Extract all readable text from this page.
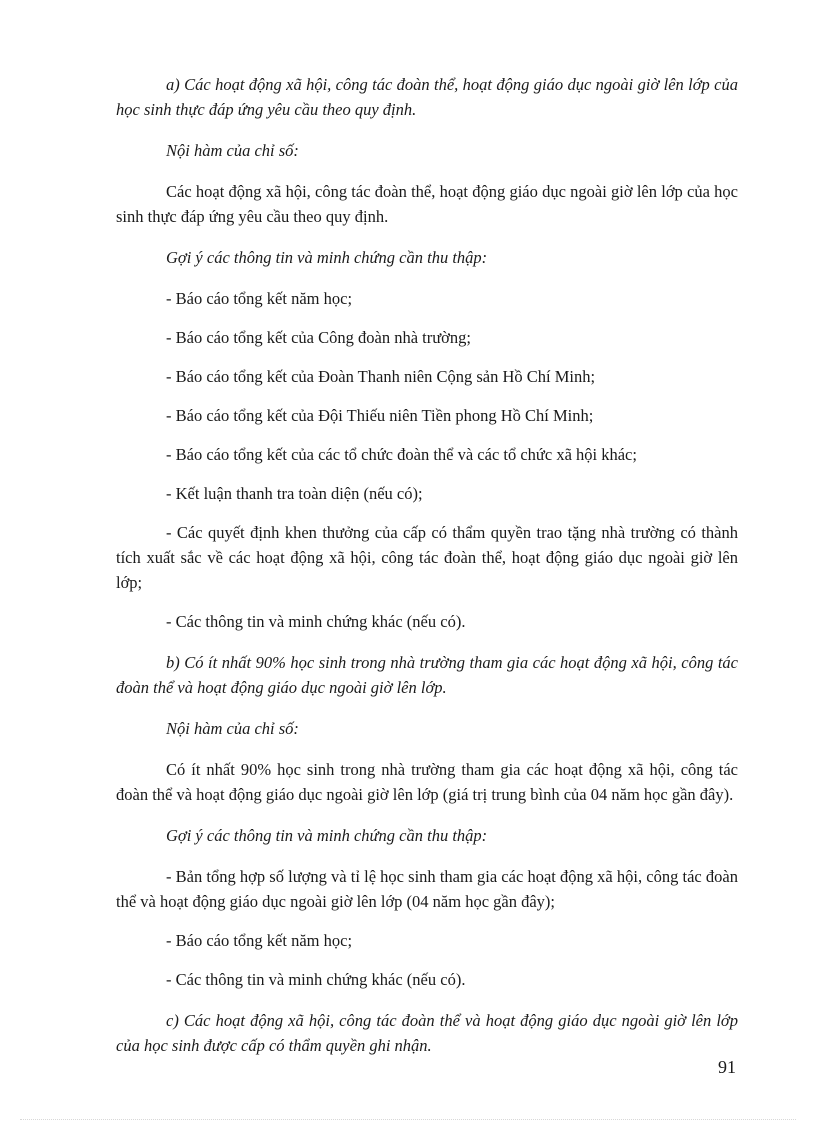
a) Các hoạt động xã hội, công tác đoàn thể, hoạt động giáo dục ngoài giờ lên lớp của học sinh thực đáp ứng yêu cầu theo quy định.

Nội hàm của chỉ số:

Các hoạt động xã hội, công tác đoàn thể, hoạt động giáo dục ngoài giờ lên lớp của học sinh thực đáp ứng yêu cầu theo quy định.

Gợi ý các thông tin và minh chứng cần thu thập:

- Báo cáo tổng kết năm học;

- Báo cáo tổng kết của Công đoàn nhà trường;

- Báo cáo tổng kết của Đoàn Thanh niên Cộng sản Hồ Chí Minh;

- Báo cáo tổng kết của Đội Thiếu niên Tiền phong Hồ Chí Minh;

- Báo cáo tổng kết của các tổ chức đoàn thể và các tổ chức xã hội khác;

- Kết luận thanh tra toàn diện (nếu có);

- Các quyết định khen thưởng của cấp có thẩm quyền trao tặng nhà trường có thành tích xuất sắc về các hoạt động xã hội, công tác đoàn thể, hoạt động giáo dục ngoài giờ lên lớp;

- Các thông tin và minh chứng khác (nếu có).

b) Có ít nhất 90% học sinh trong nhà trường tham gia các hoạt động xã hội, công tác đoàn thể và hoạt động giáo dục ngoài giờ lên lớp.

Nội hàm của chỉ số:

Có ít nhất 90% học sinh trong nhà trường tham gia các hoạt động xã hội, công tác đoàn thể và hoạt động giáo dục ngoài giờ lên lớp (giá trị trung bình của 04 năm học gần đây).

Gợi ý các thông tin và minh chứng cần thu thập:

- Bản tổng hợp số lượng và tỉ lệ học sinh tham gia các hoạt động xã hội, công tác đoàn thể và hoạt động giáo dục ngoài giờ lên lớp (04 năm học gần đây);

- Báo cáo tổng kết năm học;

- Các thông tin và minh chứng khác (nếu có).

c) Các hoạt động xã hội, công tác đoàn thể và hoạt động giáo dục ngoài giờ lên lớp của học sinh được cấp có thẩm quyền ghi nhận.

91
